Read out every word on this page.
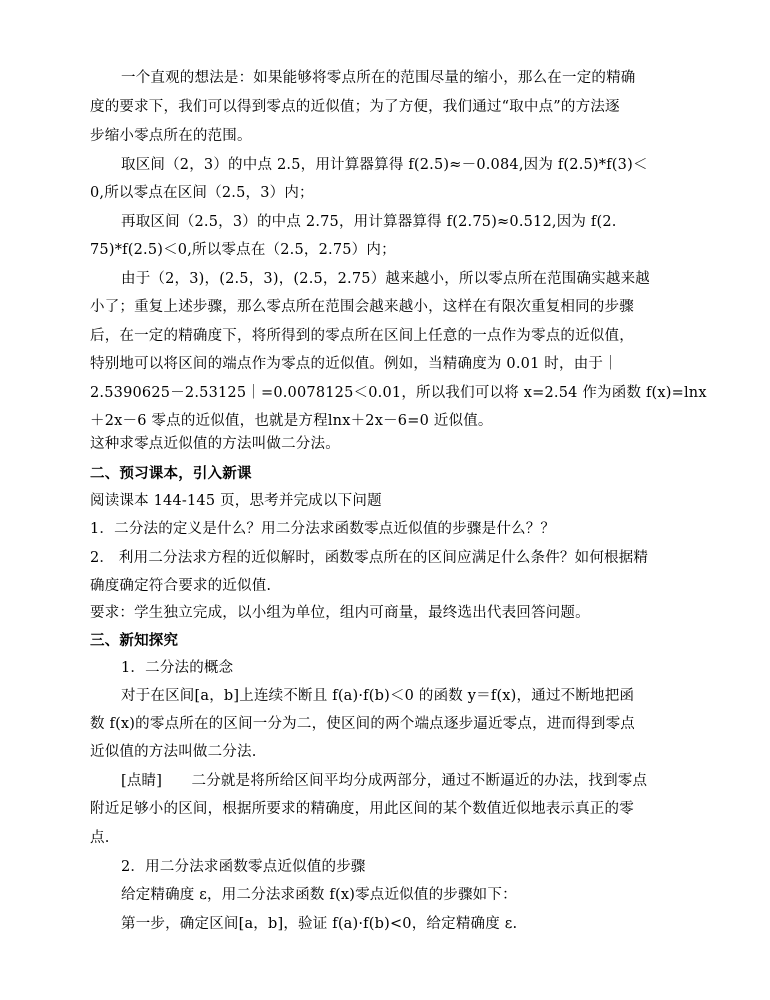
一个直观的想法是：如果能够将零点所在的范围尽量的缩小，那么在一定的精确
度的要求下，我们可以得到零点的近似值；为了方便，我们通过“取中点”的方法逐
步缩小零点所在的范围。
取区间（2，3）的中点 2.5，用计算器算得 f(2.5)≈－0.084,因为 f(2.5)*f(3)＜
0,所以零点在区间（2.5，3）内；
再取区间（2.5，3）的中点 2.75，用计算器算得 f(2.75)≈0.512,因为 f(2.
75)*f(2.5)＜0,所以零点在（2.5，2.75）内；
由于（2，3)，(2.5，3)，(2.5，2.75）越来越小，所以零点所在范围确实越来越
小了；重复上述步骤，那么零点所在范围会越来越小，这样在有限次重复相同的步骤
后，在一定的精确度下，将所得到的零点所在区间上任意的一点作为零点的近似值，
特别地可以将区间的端点作为零点的近似值。例如，当精确度为 0.01 时，由于｜
2.5390625－2.53125｜=0.0078125＜0.01，所以我们可以将 x=2.54 作为函数 f(x)=lnx
＋2x－6 零点的近似值，也就是方程lnx＋2x－6=0 近似值。
这种求零点近似值的方法叫做二分法。
二、预习课本，引入新课
阅读课本 144-145 页，思考并完成以下问题
1．二分法的定义是什么？用二分法求函数零点近似值的步骤是什么？？
2． 利用二分法求方程的近似解时，函数零点所在的区间应满足什么条件？如何根据精
确度确定符合要求的近似值.
要求：学生独立完成，以小组为单位，组内可商量，最终选出代表回答问题。
三、新知探究
1．二分法的概念
对于在区间[a，b]上连续不断且 f(a)·f(b)＜0 的函数 y＝f(x)，通过不断地把函
数 f(x)的零点所在的区间一分为二，使区间的两个端点逐步逼近零点，进而得到零点
近似值的方法叫做二分法.
[点睛]　　二分就是将所给区间平均分成两部分，通过不断逼近的办法，找到零点
附近足够小的区间，根据所要求的精确度，用此区间的某个数值近似地表示真正的零
点.
2．用二分法求函数零点近似值的步骤
给定精确度 ε，用二分法求函数 f(x)零点近似值的步骤如下：
第一步，确定区间[a，b]，验证 f(a)·f(b)<0，给定精确度 ε.
